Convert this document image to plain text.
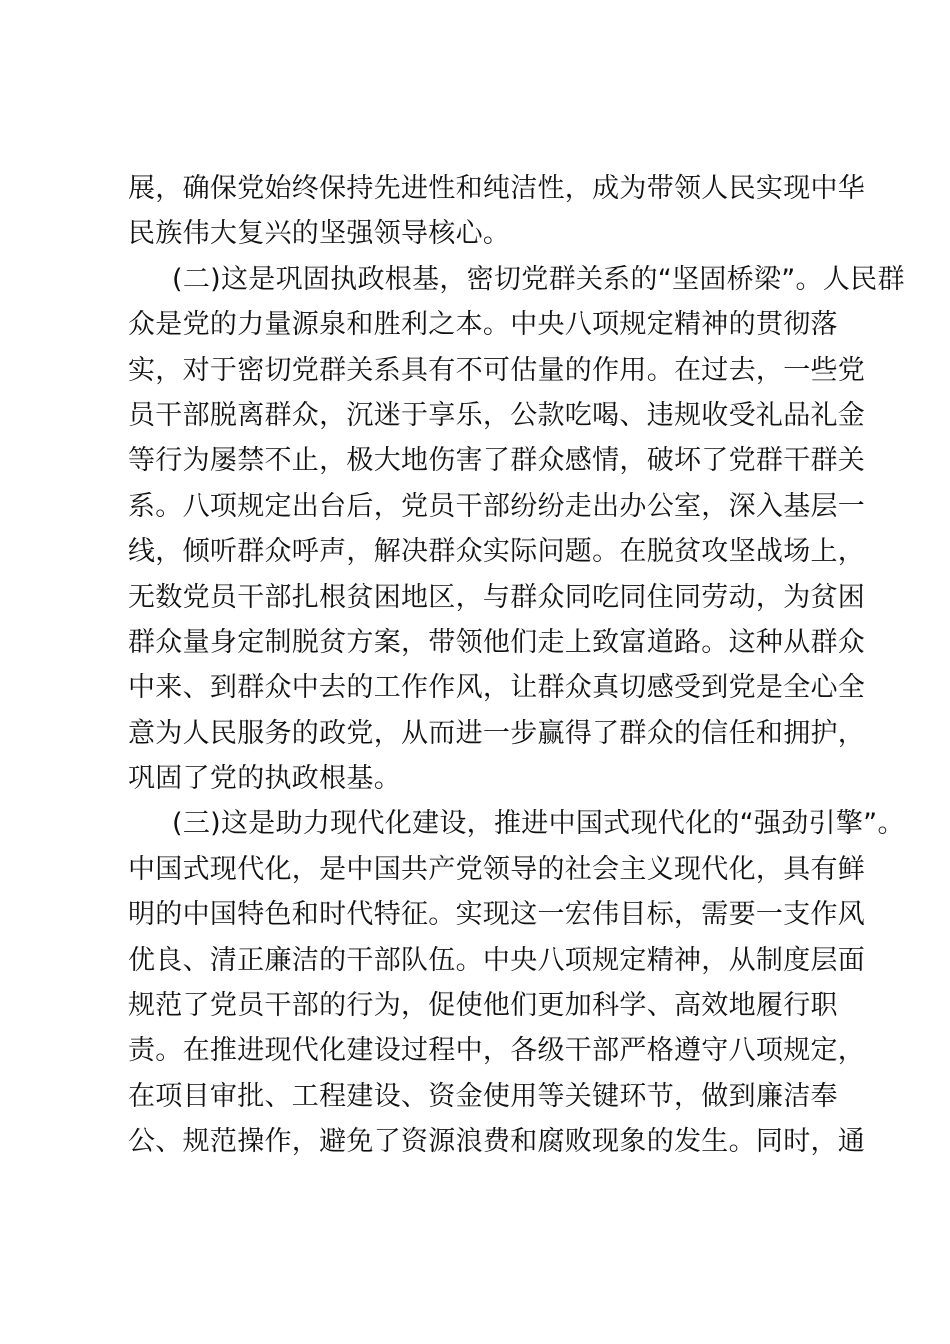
展，确保党始终保持先进性和纯洁性，成为带领人民实现中华
民族伟大复兴的坚强领导核心。
(二)这是巩固执政根基，密切党群关系的“坚固桥梁”。人民群
众是党的力量源泉和胜利之本。中央八项规定精神的贯彻落
实，对于密切党群关系具有不可估量的作用。在过去，一些党
员干部脱离群众，沉迷于享乐，公款吃喝、违规收受礼品礼金
等行为屡禁不止，极大地伤害了群众感情，破坏了党群干群关
系。八项规定出台后，党员干部纷纷走出办公室，深入基层一
线，倾听群众呼声，解决群众实际问题。在脱贫攻坚战场上，
无数党员干部扎根贫困地区，与群众同吃同住同劳动，为贫困
群众量身定制脱贫方案，带领他们走上致富道路。这种从群众
中来、到群众中去的工作作风，让群众真切感受到党是全心全
意为人民服务的政党，从而进一步赢得了群众的信任和拥护，
巩固了党的执政根基。
(三)这是助力现代化建设，推进中国式现代化的“强劲引擎”。
中国式现代化，是中国共产党领导的社会主义现代化，具有鲜
明的中国特色和时代特征。实现这一宏伟目标，需要一支作风
优良、清正廉洁的干部队伍。中央八项规定精神，从制度层面
规范了党员干部的行为，促使他们更加科学、高效地履行职
责。在推进现代化建设过程中，各级干部严格遵守八项规定，
在项目审批、工程建设、资金使用等关键环节，做到廉洁奉
公、规范操作，避免了资源浪费和腐败现象的发生。同时，通
